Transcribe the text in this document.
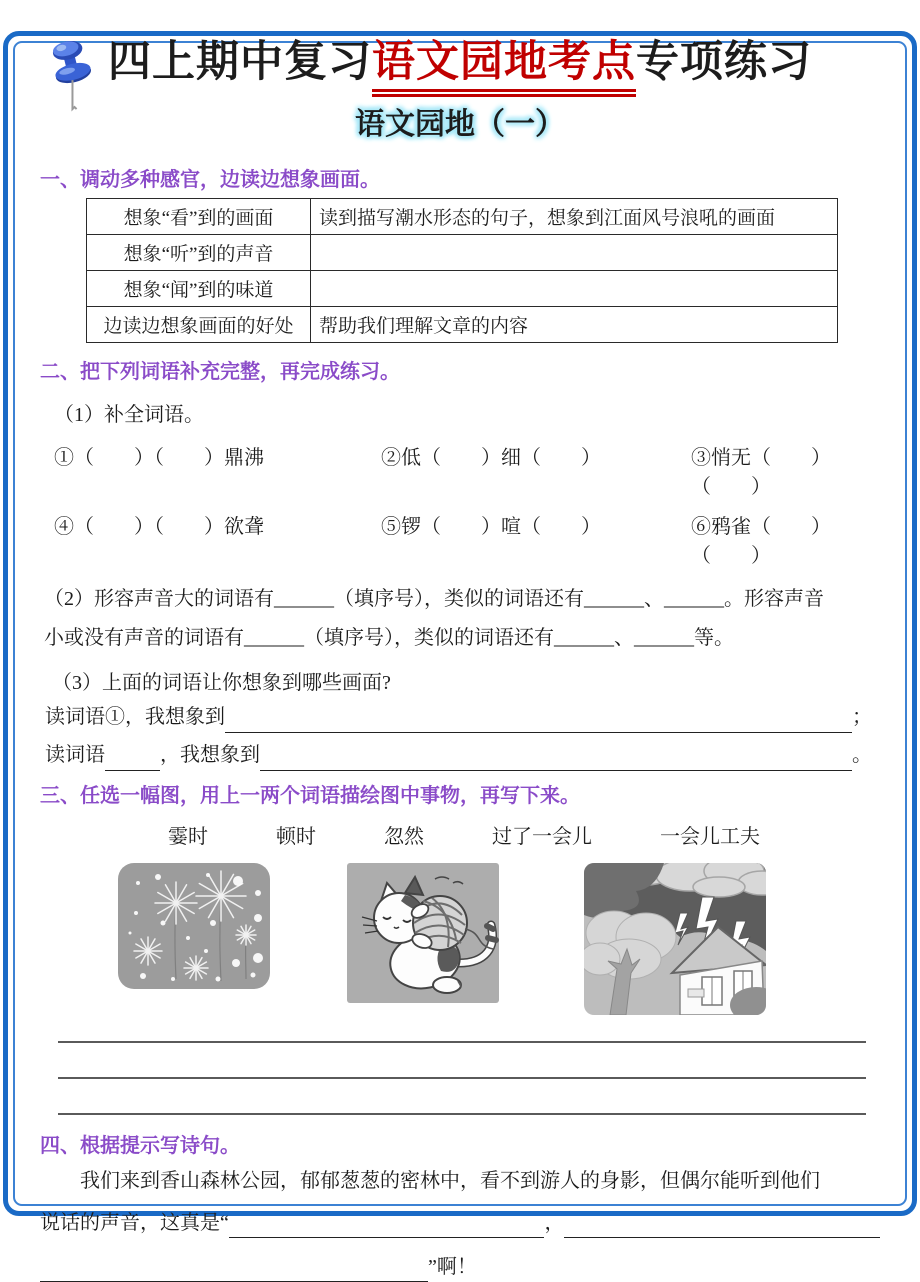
四上期中复习语文园地考点专项练习
语文园地（一）
一、调动多种感官，边读边想象画面。
想象“看”到的画面	读到描写潮水形态的句子，想象到江面风号浪吼的画面
想象“听”到的声音	
想象“闻”到的味道	
边读边想象画面的好处	帮助我们理解文章的内容
二、把下列词语补充完整，再完成练习。
（1）补全词语。
①（　　）（　　）鼎沸	②低（　　）细（　　）	③悄无（　　）（　　）
④（　　）（　　）欲聋	⑤锣（　　）喧（　　）	⑥鸦雀（　　）（　　）
（2）形容声音大的词语有______（填序号），类似的词语还有______、______。形容声音
小或没有声音的词语有______（填序号），类似的词语还有______、______等。
（3）上面的词语让你想象到哪些画面?
读词语①，我想象到	；
读词语	，我想象到	。
三、任选一幅图，用上一两个词语描绘图中事物，再写下来。
霎时	顿时	忽然	过了一会儿	一会儿工夫
四、根据提示写诗句。
我们来到香山森林公园，郁郁葱葱的密林中，看不到游人的身影，但偶尔能听到他们
说话的声音，这真是“	，
”啊！
